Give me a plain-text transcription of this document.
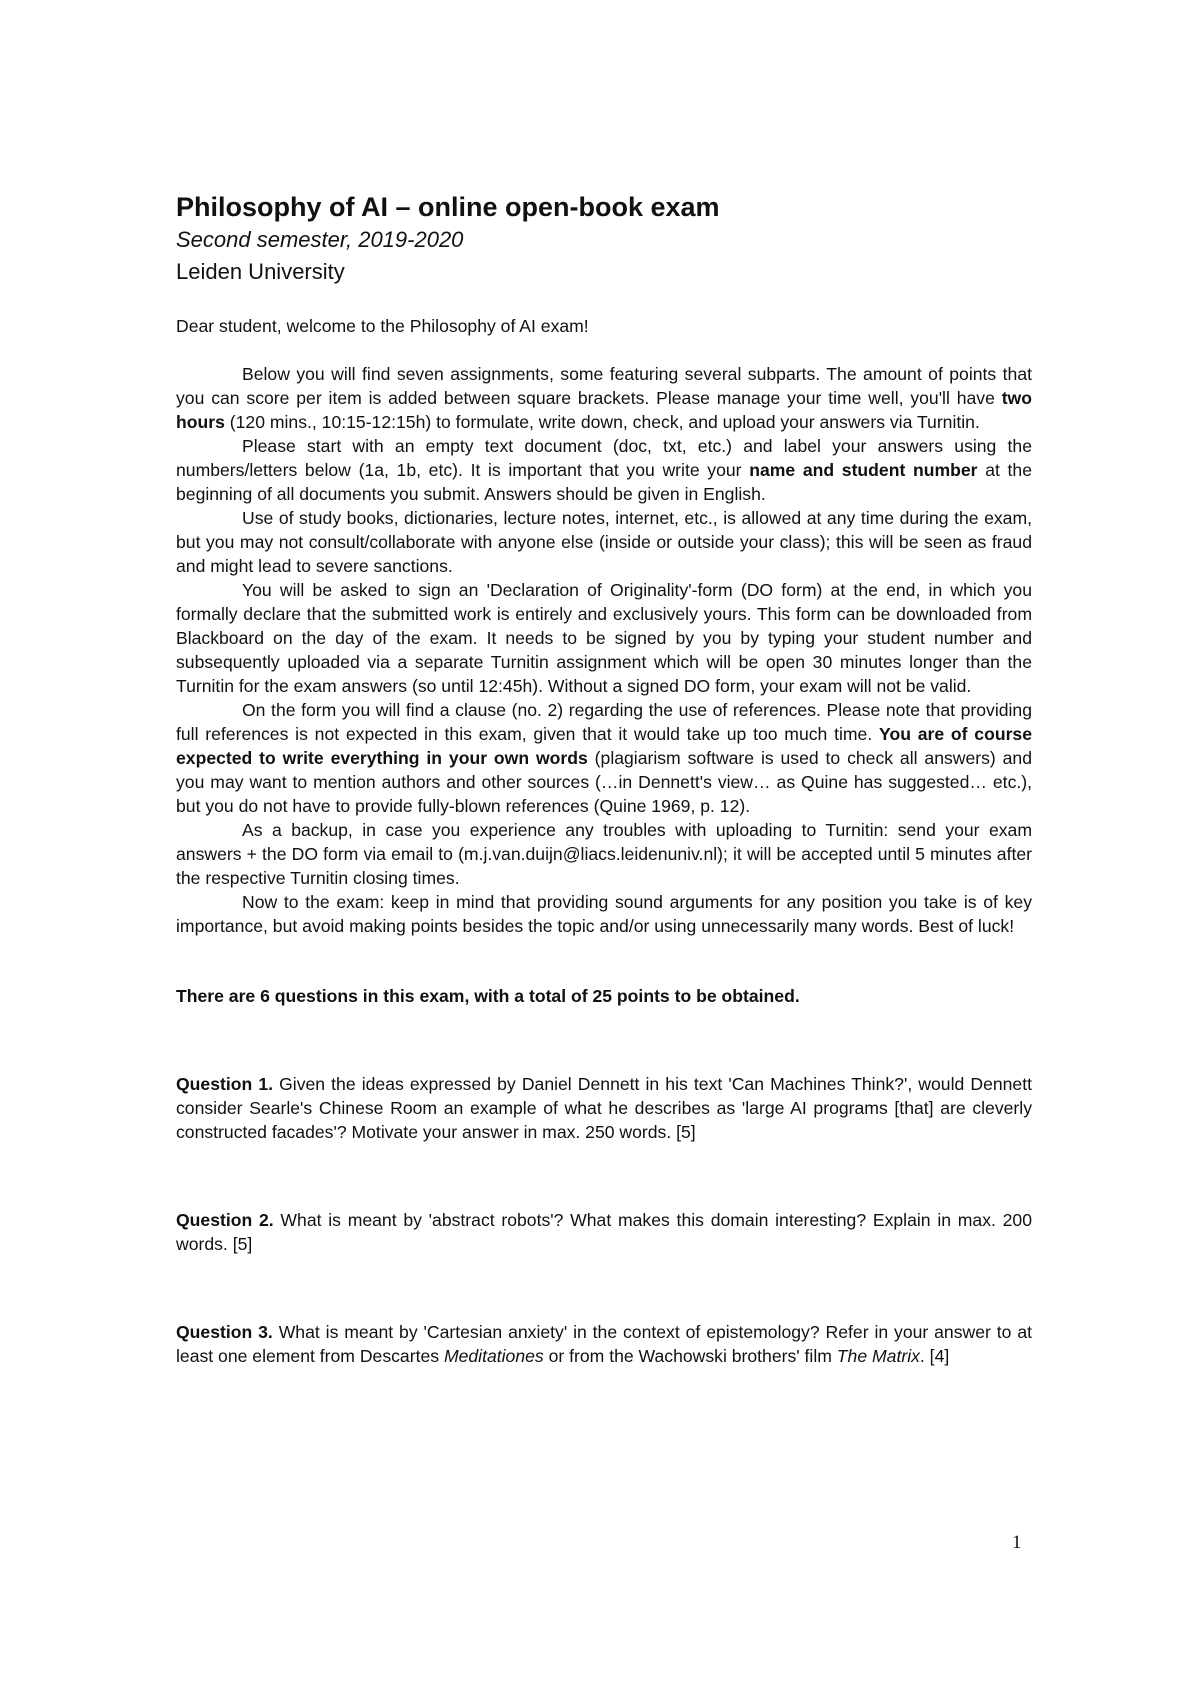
Philosophy of AI – online open-book exam

Second semester, 2019-2020

Leiden University

Dear student, welcome to the Philosophy of AI exam!

Below you will find seven assignments, some featuring several subparts. The amount of points that you can score per item is added between square brackets. Please manage your time well, you'll have two hours (120 mins., 10:15-12:15h) to formulate, write down, check, and upload your answers via Turnitin.

Please start with an empty text document (doc, txt, etc.) and label your answers using the numbers/letters below (1a, 1b, etc). It is important that you write your name and student number at the beginning of all documents you submit. Answers should be given in English.

Use of study books, dictionaries, lecture notes, internet, etc., is allowed at any time during the exam, but you may not consult/collaborate with anyone else (inside or outside your class); this will be seen as fraud and might lead to severe sanctions.

You will be asked to sign an 'Declaration of Originality'-form (DO form) at the end, in which you formally declare that the submitted work is entirely and exclusively yours. This form can be downloaded from Blackboard on the day of the exam. It needs to be signed by you by typing your student number and subsequently uploaded via a separate Turnitin assignment which will be open 30 minutes longer than the Turnitin for the exam answers (so until 12:45h). Without a signed DO form, your exam will not be valid.

On the form you will find a clause (no. 2) regarding the use of references. Please note that providing full references is not expected in this exam, given that it would take up too much time. You are of course expected to write everything in your own words (plagiarism software is used to check all answers) and you may want to mention authors and other sources (…in Dennett's view… as Quine has suggested… etc.), but you do not have to provide fully-blown references (Quine 1969, p. 12).

As a backup, in case you experience any troubles with uploading to Turnitin: send your exam answers + the DO form via email to (m.j.van.duijn@liacs.leidenuniv.nl); it will be accepted until 5 minutes after the respective Turnitin closing times.

Now to the exam: keep in mind that providing sound arguments for any position you take is of key importance, but avoid making points besides the topic and/or using unnecessarily many words. Best of luck!

There are 6 questions in this exam, with a total of 25 points to be obtained.

Question 1. Given the ideas expressed by Daniel Dennett in his text 'Can Machines Think?', would Dennett consider Searle's Chinese Room an example of what he describes as 'large AI programs [that] are cleverly constructed facades'? Motivate your answer in max. 250 words. [5]

Question 2. What is meant by 'abstract robots'? What makes this domain interesting? Explain in max. 200 words. [5]

Question 3. What is meant by 'Cartesian anxiety' in the context of epistemology? Refer in your answer to at least one element from Descartes Meditationes or from the Wachowski brothers' film The Matrix. [4]

1
